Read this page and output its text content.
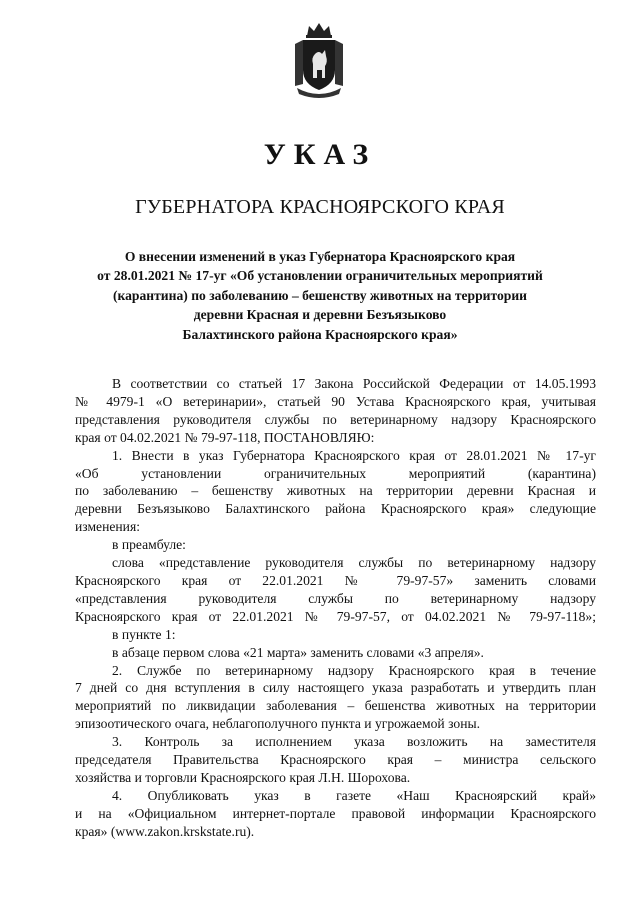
УКАЗ
ГУБЕРНАТОРА КРАСНОЯРСКОГО КРАЯ
О внесении изменений в указ Губернатора Красноярского края
от 28.01.2021 № 17-уг «Об установлении ограничительных мероприятий
(карантина) по заболеванию – бешенству животных на территории
деревни Красная и деревни Безъязыково
Балахтинского района Красноярского края»
В соответствии со статьей 17 Закона Российской Федерации от 14.05.1993
№ 4979-1 «О ветеринарии», статьей 90 Устава Красноярского края, учитывая
представления руководителя службы по ветеринарному надзору Красноярского
края от 04.02.2021 № 79-97-118, ПОСТАНОВЛЯЮ:
1. Внести в указ Губернатора Красноярского края от 28.01.2021 № 17-уг
«Об установлении ограничительных мероприятий (карантина)
по заболеванию – бешенству животных на территории деревни Красная и
деревни Безъязыково Балахтинского района Красноярского края» следующие
изменения:
в преамбуле:
слова «представление руководителя службы по ветеринарному надзору
Красноярского края от 22.01.2021 № 79-97-57» заменить словами
«представления руководителя службы по ветеринарному надзору
Красноярского края от 22.01.2021 № 79-97-57, от 04.02.2021 № 79-97-118»;
в пункте 1:
в абзаце первом слова «21 марта» заменить словами «3 апреля».
2. Службе по ветеринарному надзору Красноярского края в течение
7 дней со дня вступления в силу настоящего указа разработать и утвердить план
мероприятий по ликвидации заболевания – бешенства животных на территории
эпизоотического очага, неблагополучного пункта и угрожаемой зоны.
3. Контроль за исполнением указа возложить на заместителя
председателя Правительства Красноярского края – министра сельского
хозяйства и торговли Красноярского края Л.Н. Шорохова.
4. Опубликовать указ в газете «Наш Красноярский край»
и на «Официальном интернет-портале правовой информации Красноярского
края» (www.zakon.krskstate.ru).
